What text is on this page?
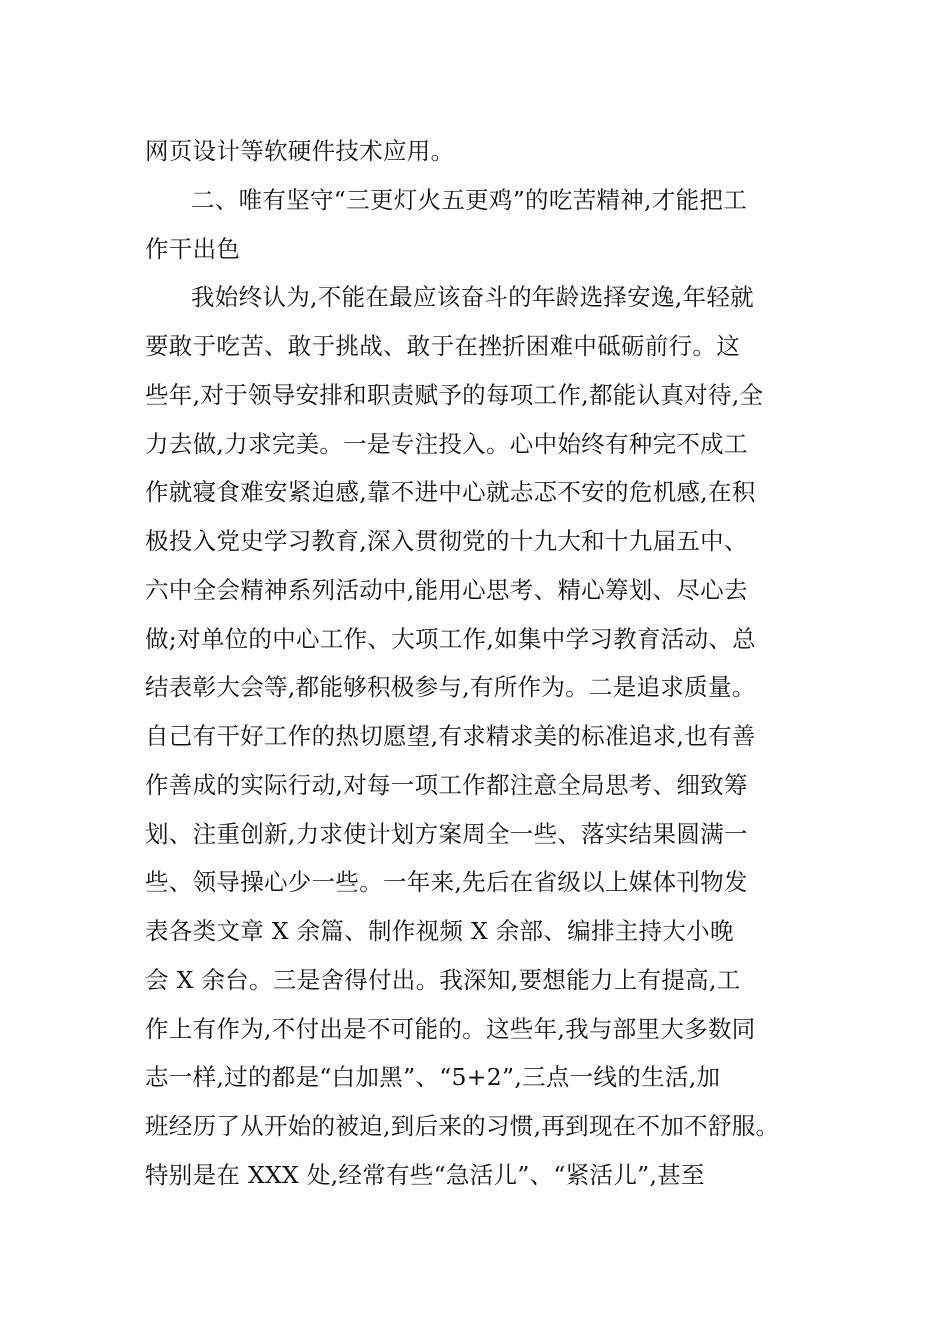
网页设计等软硬件技术应用。
二、唯有坚守“三更灯火五更鸡”的吃苦精神,才能把工
作干出色
我始终认为,不能在最应该奋斗的年龄选择安逸,年轻就
要敢于吃苦、敢于挑战、敢于在挫折困难中砥砺前行。这
些年,对于领导安排和职责赋予的每项工作,都能认真对待,全
力去做,力求完美。一是专注投入。心中始终有种完不成工
作就寝食难安紧迫感,靠不进中心就忐忑不安的危机感,在积
极投入党史学习教育,深入贯彻党的十九大和十九届五中、
六中全会精神系列活动中,能用心思考、精心筹划、尽心去
做;对单位的中心工作、大项工作,如集中学习教育活动、总
结表彰大会等,都能够积极参与,有所作为。二是追求质量。
自己有干好工作的热切愿望,有求精求美的标准追求,也有善
作善成的实际行动,对每一项工作都注意全局思考、细致筹
划、注重创新,力求使计划方案周全一些、落实结果圆满一
些、领导操心少一些。一年来,先后在省级以上媒体刊物发
表各类文章 X 余篇、制作视频 X 余部、编排主持大小晚
会 X 余台。三是舍得付出。我深知,要想能力上有提高,工
作上有作为,不付出是不可能的。这些年,我与部里大多数同
志一样,过的都是“白加黑”、“5+2”,三点一线的生活,加
班经历了从开始的被迫,到后来的习惯,再到现在不加不舒服。
特别是在 XXX 处,经常有些“急活儿”、“紧活儿”,甚至
